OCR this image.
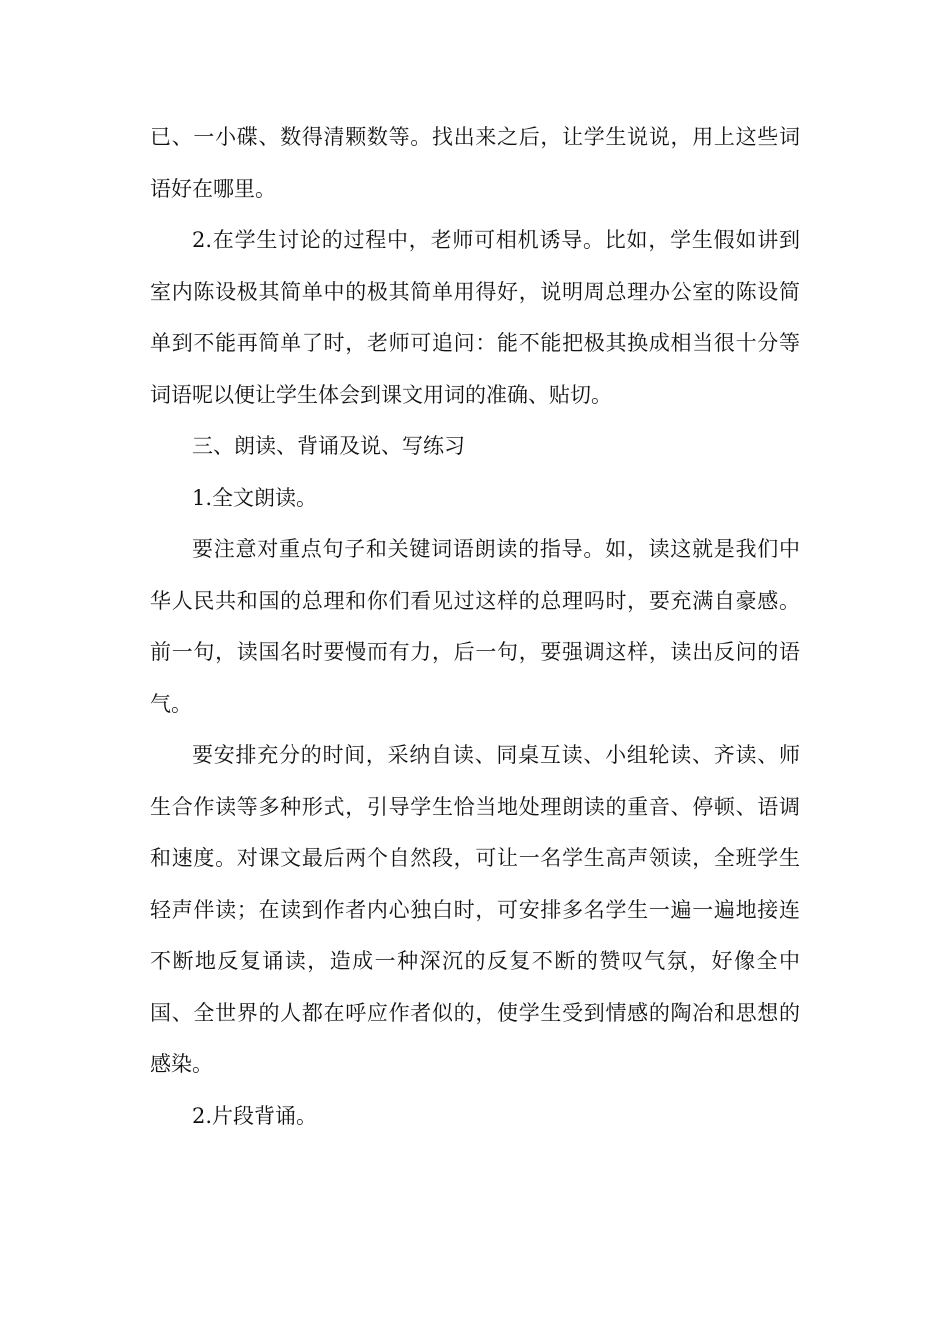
已、一小碟、数得清颗数等。找出来之后，让学生说说，用上这些词语好在哪里。

2.在学生讨论的过程中，老师可相机诱导。比如，学生假如讲到室内陈设极其简单中的极其简单用得好，说明周总理办公室的陈设简单到不能再简单了时，老师可追问：能不能把极其换成相当很十分等词语呢以便让学生体会到课文用词的准确、贴切。

三、朗读、背诵及说、写练习

1.全文朗读。

要注意对重点句子和关键词语朗读的指导。如，读这就是我们中华人民共和国的总理和你们看见过这样的总理吗时，要充满自豪感。前一句，读国名时要慢而有力，后一句，要强调这样，读出反问的语气。

要安排充分的时间，采纳自读、同桌互读、小组轮读、齐读、师生合作读等多种形式，引导学生恰当地处理朗读的重音、停顿、语调和速度。对课文最后两个自然段，可让一名学生高声领读，全班学生轻声伴读；在读到作者内心独白时，可安排多名学生一遍一遍地接连不断地反复诵读，造成一种深沉的反复不断的赞叹气氛，好像全中国、全世界的人都在呼应作者似的，使学生受到情感的陶冶和思想的感染。

2.片段背诵。
